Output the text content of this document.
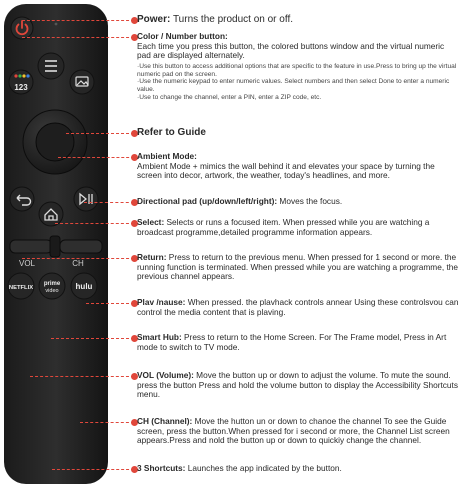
123
VOL	CH
NETFLIX
prime
video hulu

Power: Turns the product on or off.

Color / Number button:

Each time you press this button, the colored buttons window and the virtual numeric pad are displayed alternately.

·Use this button to access additional options that are specific to the feature in use.Press to bring up the virtual numeric pad on the screen.

·Use the numeric keypad to enter numeric values. Select numbers and then select Done to enter a numeric value.

·Use to change the channel, enter a PIN, enter a ZIP code, etc.

Refer to Guide

Ambient Mode:

Ambient Mode + mimics the wall behind it and elevates your space by turning the screen into decor, artwork, the weather, today's headlines, and more.

Directional pad (up/down/left/right): Moves the focus.

Select: Selects or runs a focused item. When pressed while you are watching a broadcast programme,detailed programme information appears.

Return: Press to return to the previous menu. When pressed for 1 second or more. the running function is terminated. When pressed while you are watching a programme, the previous channel appears.

Plav /nause: When pressed. the plavhack controls annear Using these controlsvou can control the media content that is plaving.

Smart Hub: Press to return to the Home Screen. For The Frame model, Press in Art mode to switch to TV mode.

VOL (Volume): Move the button up or down to adjust the volume. To mute the sound. press the button Press and hold the volume button to display the Accessibility Shortcuts menu.

CH (Channel): Move the hutton un or down to chanoe the channel To see the Guide screen, press the button.When pressed for i second or more, the Channel List screen appears.Press and nold the button up or down to quickiy change the channel.

3 Shortcuts: Launches the app indicated by the button.
